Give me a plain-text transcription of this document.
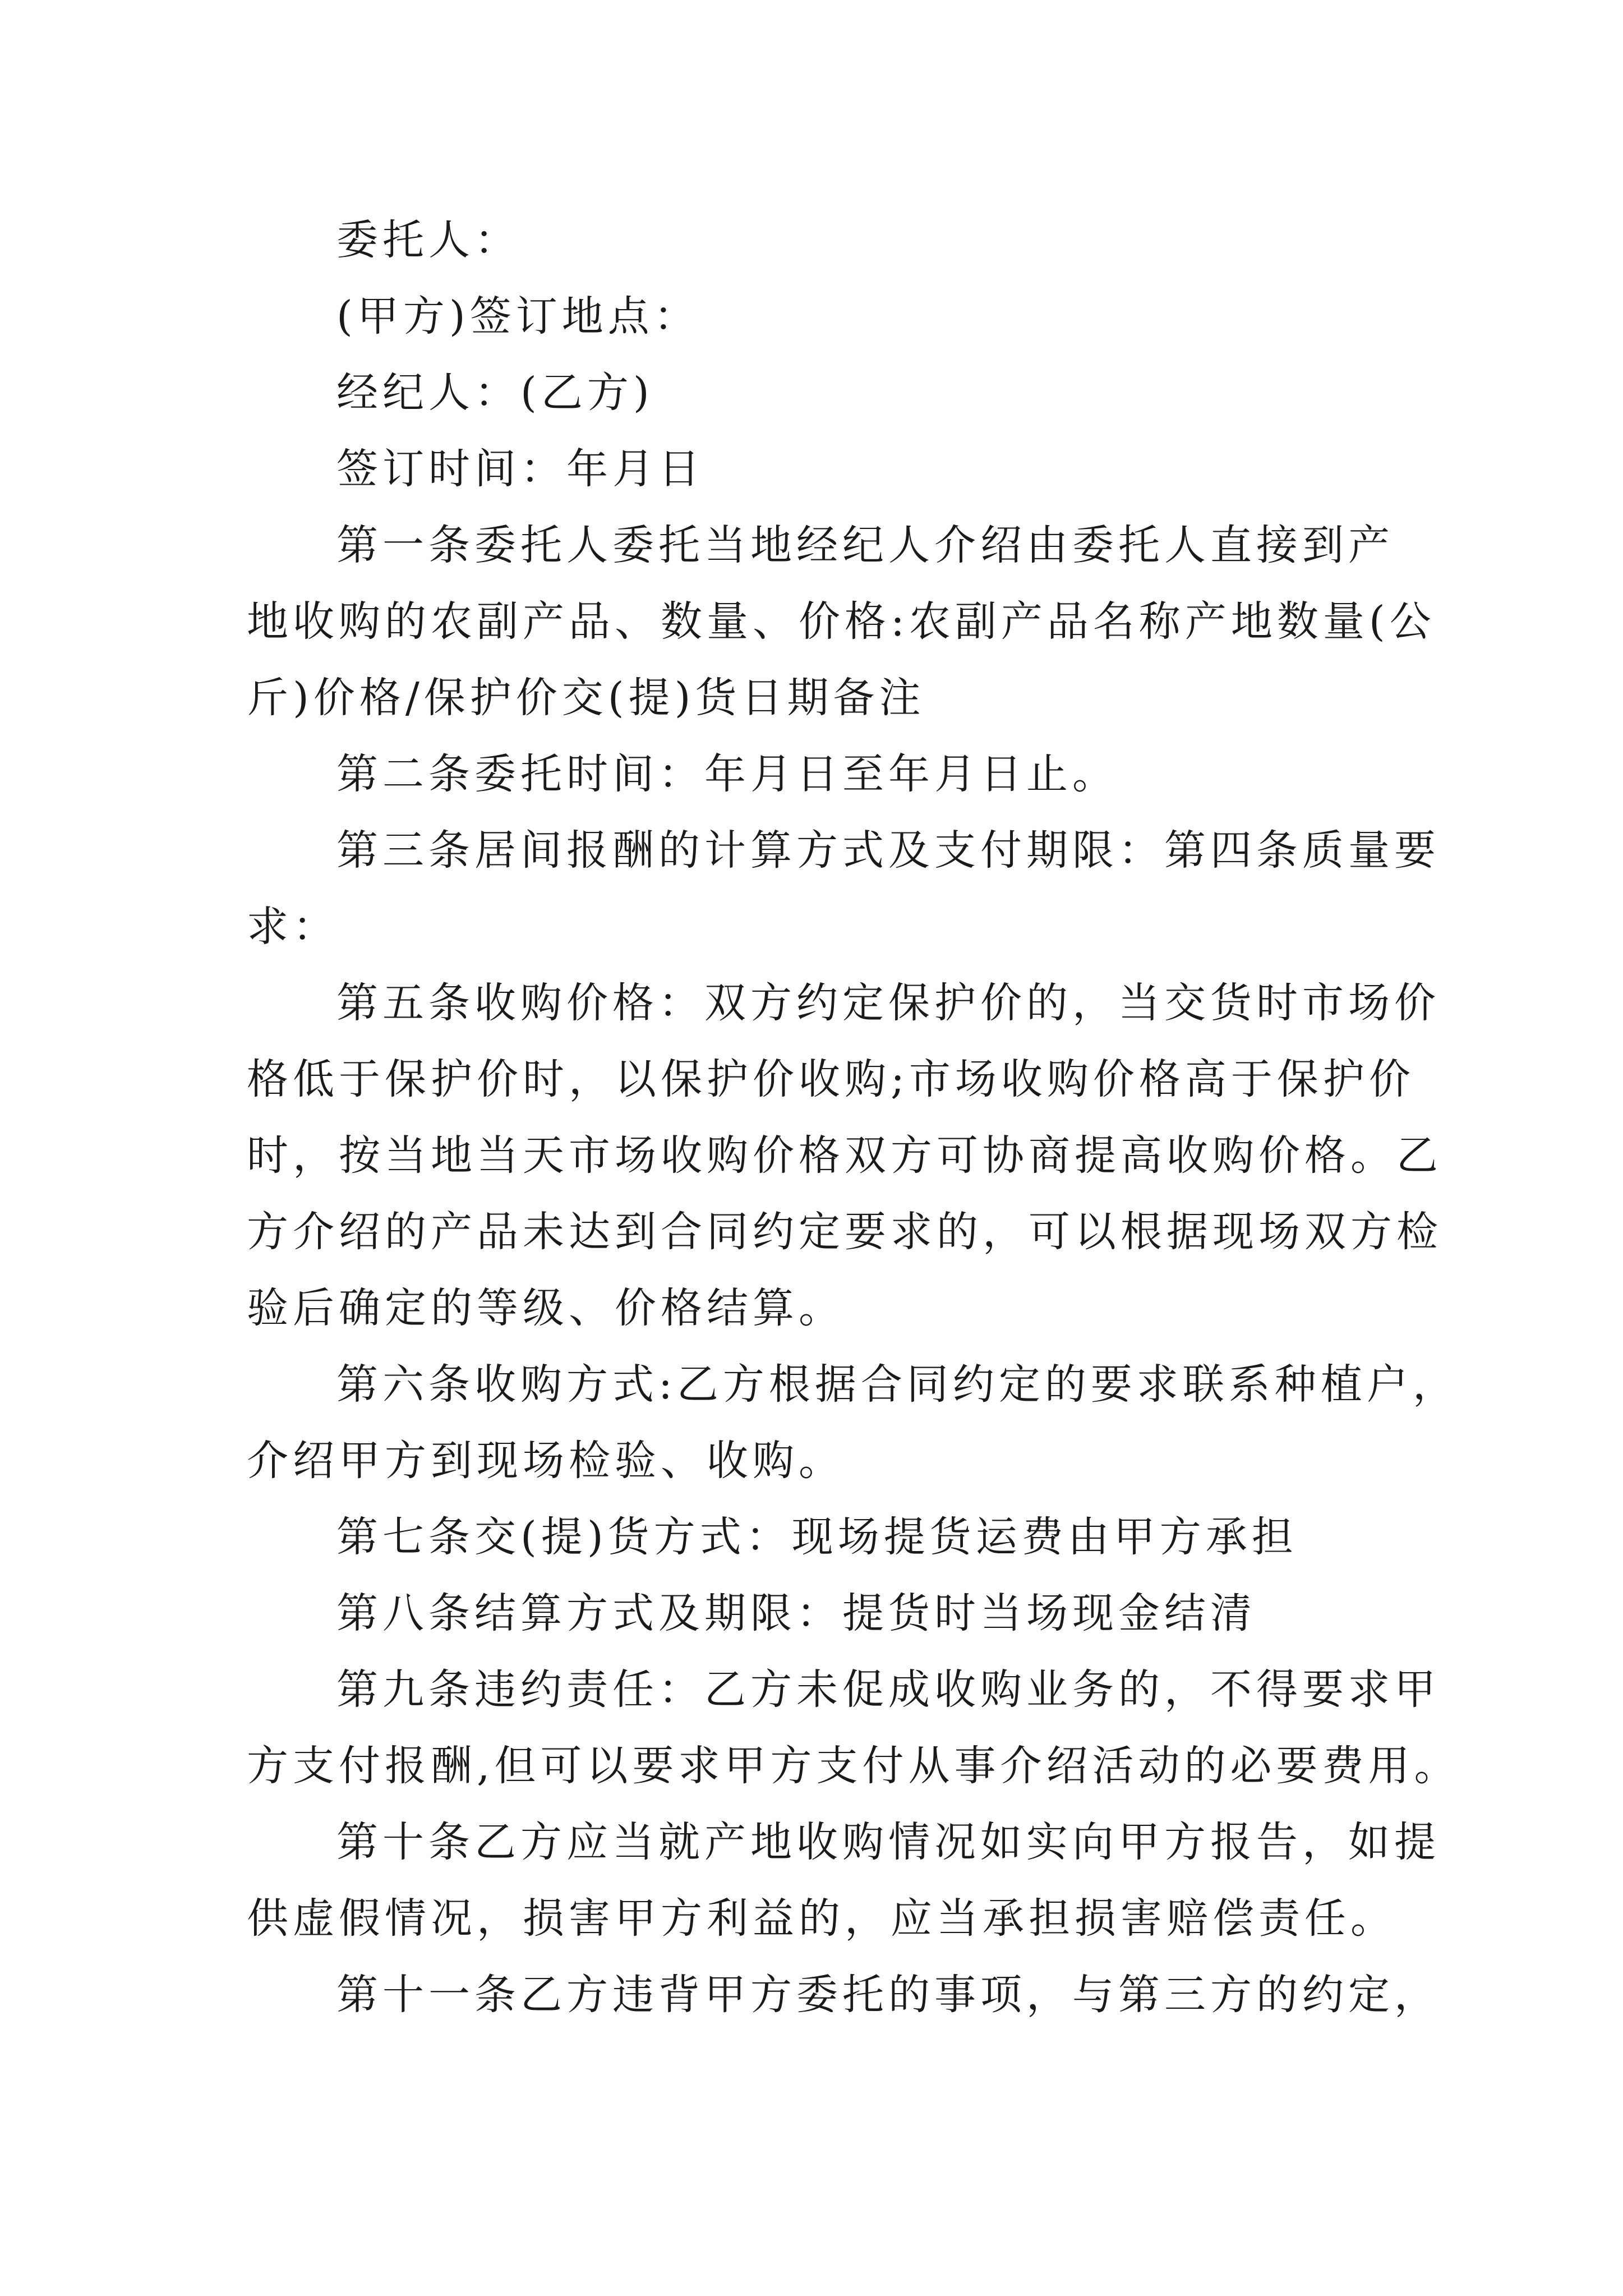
委托人：
(甲方)签订地点：
经纪人：(乙方)
签订时间：年月日
第一条委托人委托当地经纪人介绍由委托人直接到产
地收购的农副产品、数量、价格:农副产品名称产地数量(公
斤)价格/保护价交(提)货日期备注
第二条委托时间：年月日至年月日止。
第三条居间报酬的计算方式及支付期限：第四条质量要
求：
第五条收购价格：双方约定保护价的，当交货时市场价
格低于保护价时，以保护价收购;市场收购价格高于保护价
时，按当地当天市场收购价格双方可协商提高收购价格。乙
方介绍的产品未达到合同约定要求的，可以根据现场双方检
验后确定的等级、价格结算。
第六条收购方式:乙方根据合同约定的要求联系种植户，
介绍甲方到现场检验、收购。
第七条交(提)货方式：现场提货运费由甲方承担
第八条结算方式及期限：提货时当场现金结清
第九条违约责任：乙方未促成收购业务的，不得要求甲
方支付报酬,但可以要求甲方支付从事介绍活动的必要费用。
第十条乙方应当就产地收购情况如实向甲方报告，如提
供虚假情况，损害甲方利益的，应当承担损害赔偿责任。
第十一条乙方违背甲方委托的事项，与第三方的约定，
